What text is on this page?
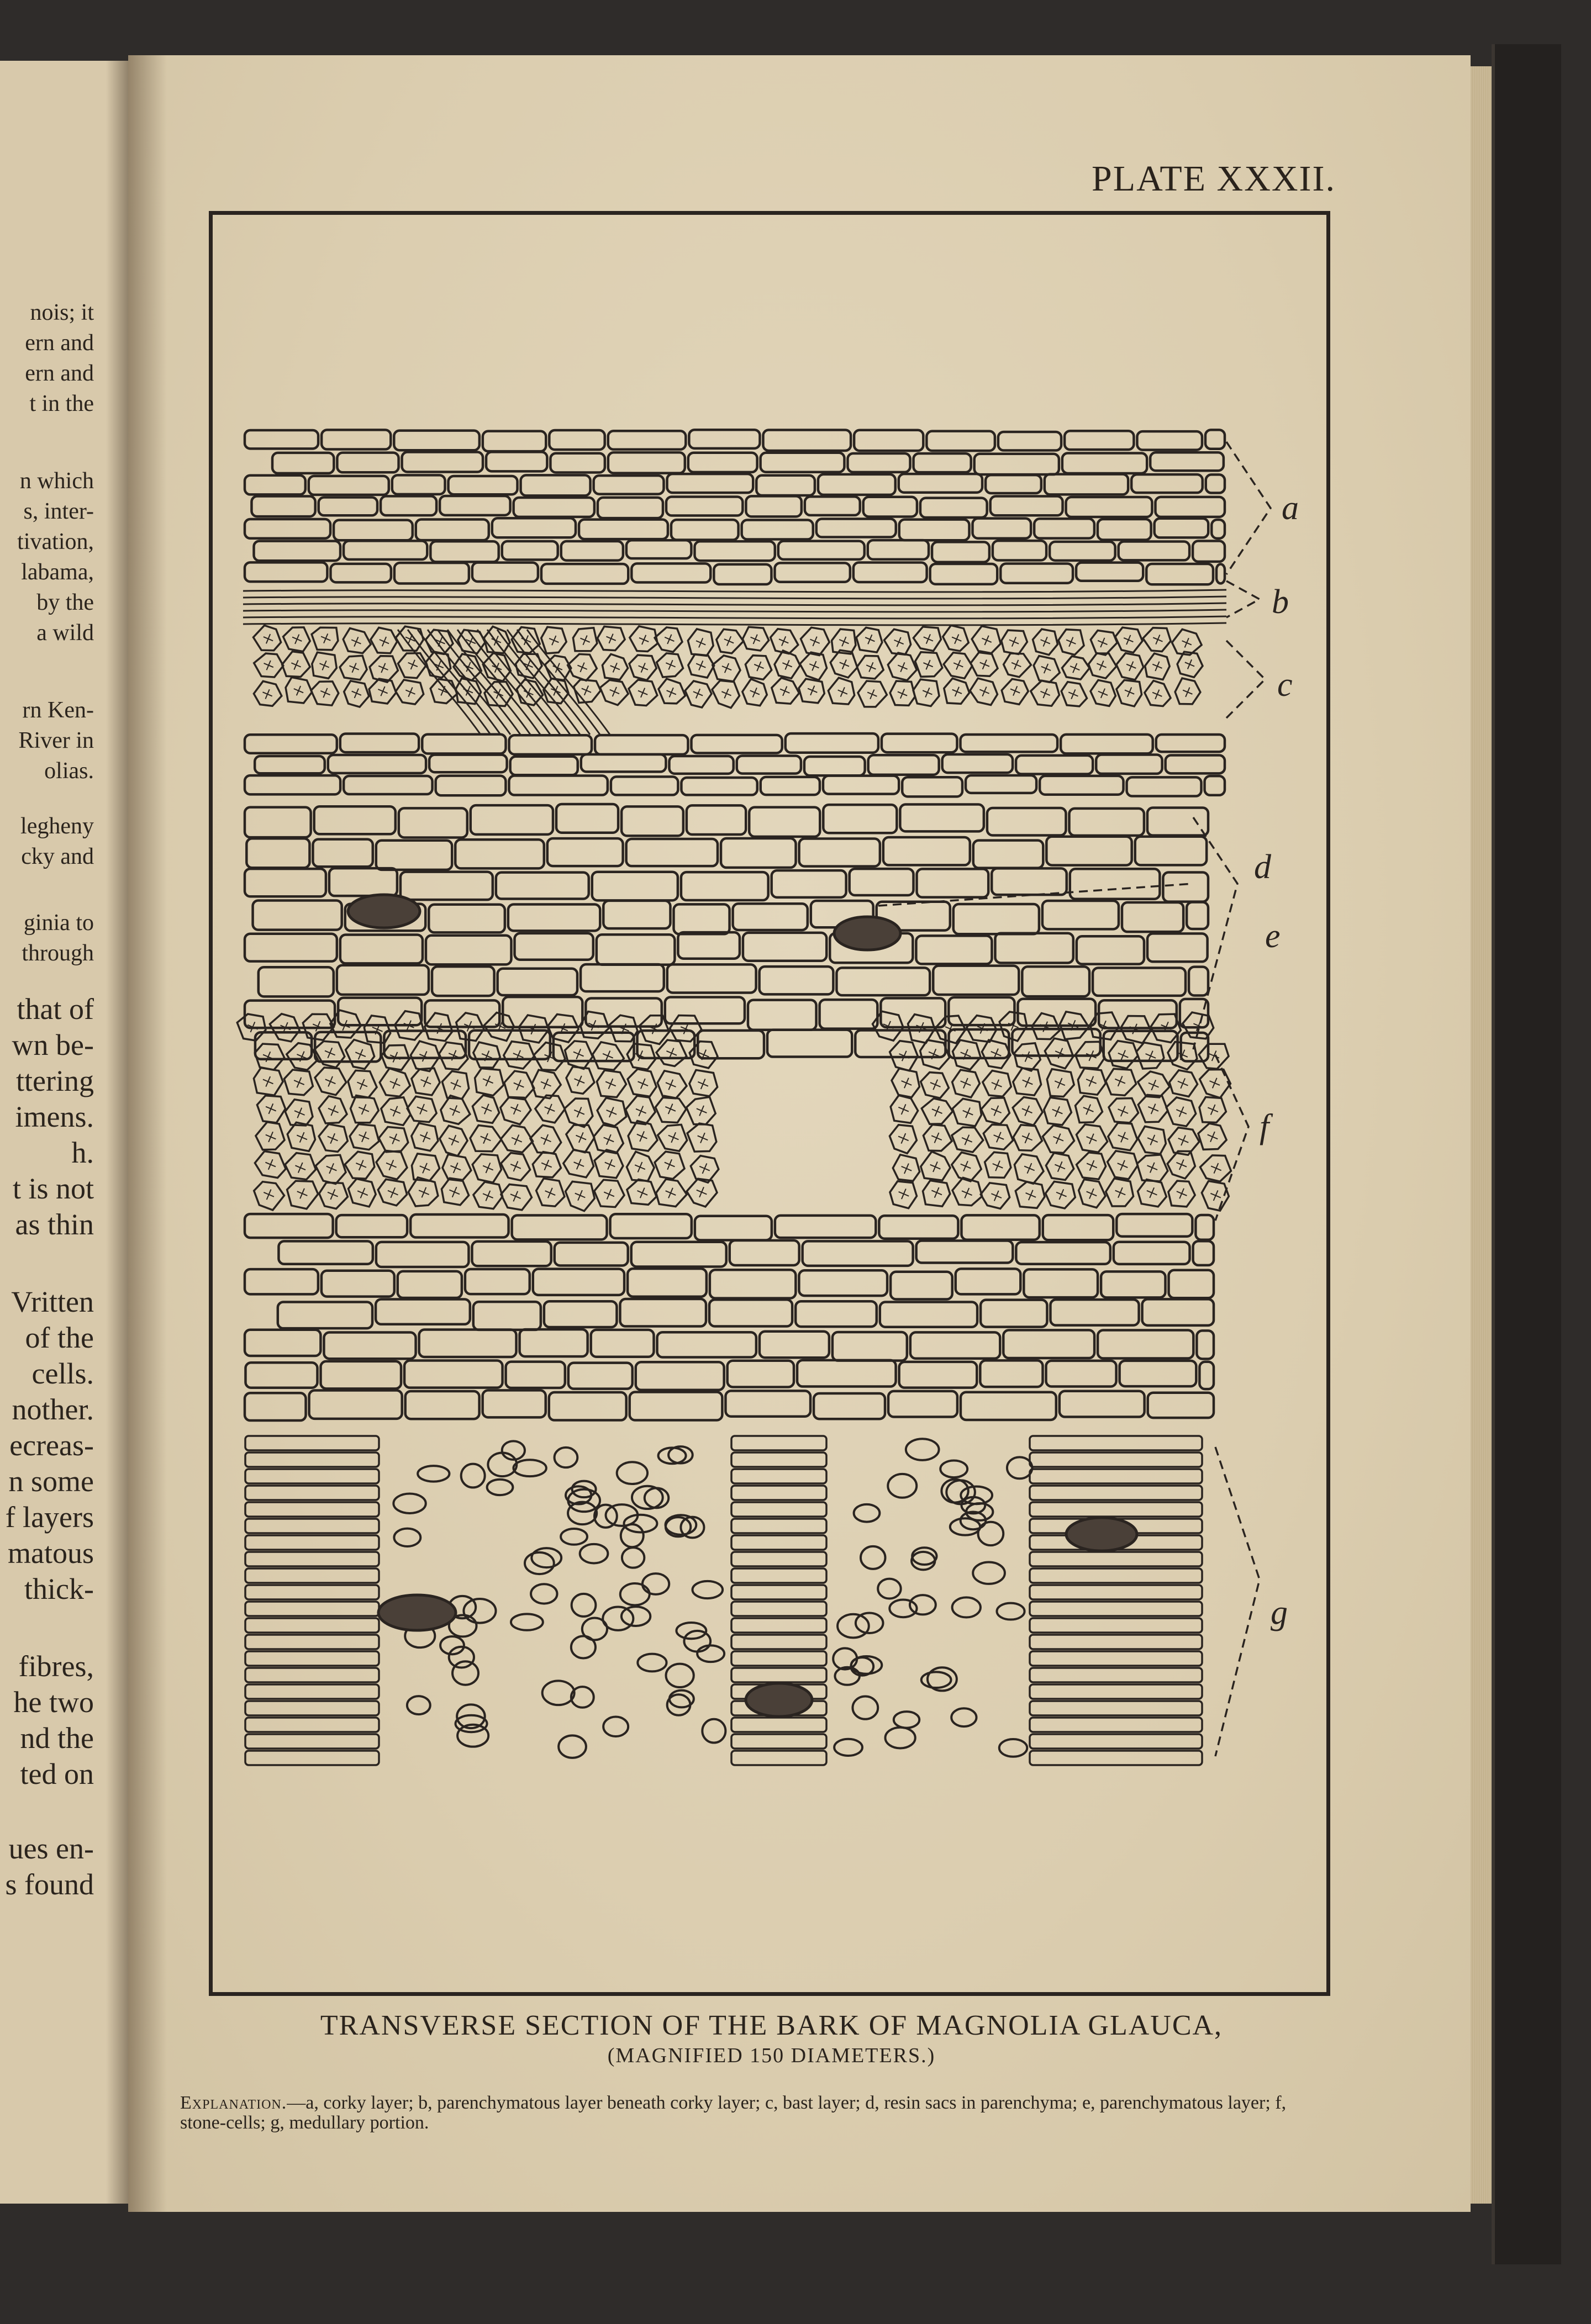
nois; it
ern and
ern and
t in the
n which
s, inter-
tivation,
labama,
by the
a wild
rn Ken-
River in
olias.
legheny
cky and
ginia to
through
that of
wn be-
ttering
imens.
h.
t is not
as thin
Vritten
of the
cells.
nother.
ecreas-
n some
f layers
matous
thick-
fibres,
he two
nd the
ted on
ues en-
s found
PLATE XXXII.
a
b
c
d
e
f
g
TRANSVERSE SECTION OF THE BARK OF MAGNOLIA GLAUCA,
(MAGNIFIED 150 DIAMETERS.)
Explanation.—a, corky layer; b, parenchymatous layer beneath corky layer; c, bast layer; d, resin sacs in parenchyma; e, parenchymatous layer; f, stone-cells; g, medullary portion.
